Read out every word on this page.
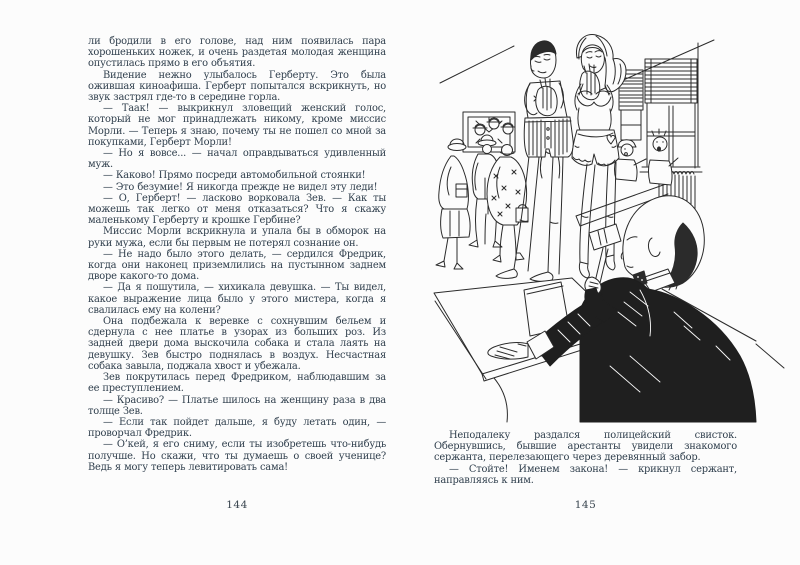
ли бродили в его голове, над ним появилась пара хорошеньких ножек, и очень раздетая молодая женщина опустилась прямо в его объятия.

Видение нежно улыбалось Герберту. Это была ожившая киноафиша. Герберт попытался вскрикнуть, но звук застрял где-то в середине горла.

— Таак! — выкрикнул зловещий женский голос, который не мог принадлежать никому, кроме миссис Морли. — Теперь я знаю, почему ты не пошел со мной за покупками, Герберт Морли!

— Но я вовсе... — начал оправдываться удивленный муж.

— Каково! Прямо посреди автомобильной стоянки!

— Это безумие! Я никогда прежде не видел эту леди!

— О, Герберт! — ласково ворковала Зев. — Как ты можешь так легко от меня отказаться? Что я скажу маленькому Герберту и крошке Гербине?

Миссис Морли вскрикнула и упала бы в обморок на руки мужа, если бы первым не потерял сознание он.

— Не надо было этого делать, — сердился Фредрик, когда они наконец приземлились на пустынном заднем дворе какого-то дома.

— Да я пошутила, — хихикала девушка. — Ты видел, какое выражение лица было у этого мистера, когда я свалилась ему на колени?

Она подбежала к веревке с сохнувшим бельем и сдернула с нее платье в узорах из больших роз. Из задней двери дома выскочила собака и стала лаять на девушку. Зев быстро поднялась в воздух. Несчастная собака завыла, поджала хвост и убежала.

Зев покрутилась перед Фредриком, наблюдавшим за ее преступлением.

— Красиво? — Платье шилось на женщину раза в два толще Зев.

— Если так пойдет дальше, я буду летать один, — проворчал Фредрик.

— О’кей, я его сниму, если ты изобретешь что-нибудь получше. Но скажи, что ты думаешь о своей ученице? Ведь я могу теперь левитировать сама!

144

Неподалеку раздался полицейский свисток. Обернувшись, бывшие арестанты увидели знакомого сержанта, перелезающего через деревянный забор.

— Стойте! Именем закона! — крикнул сержант, направляясь к ним.

145
